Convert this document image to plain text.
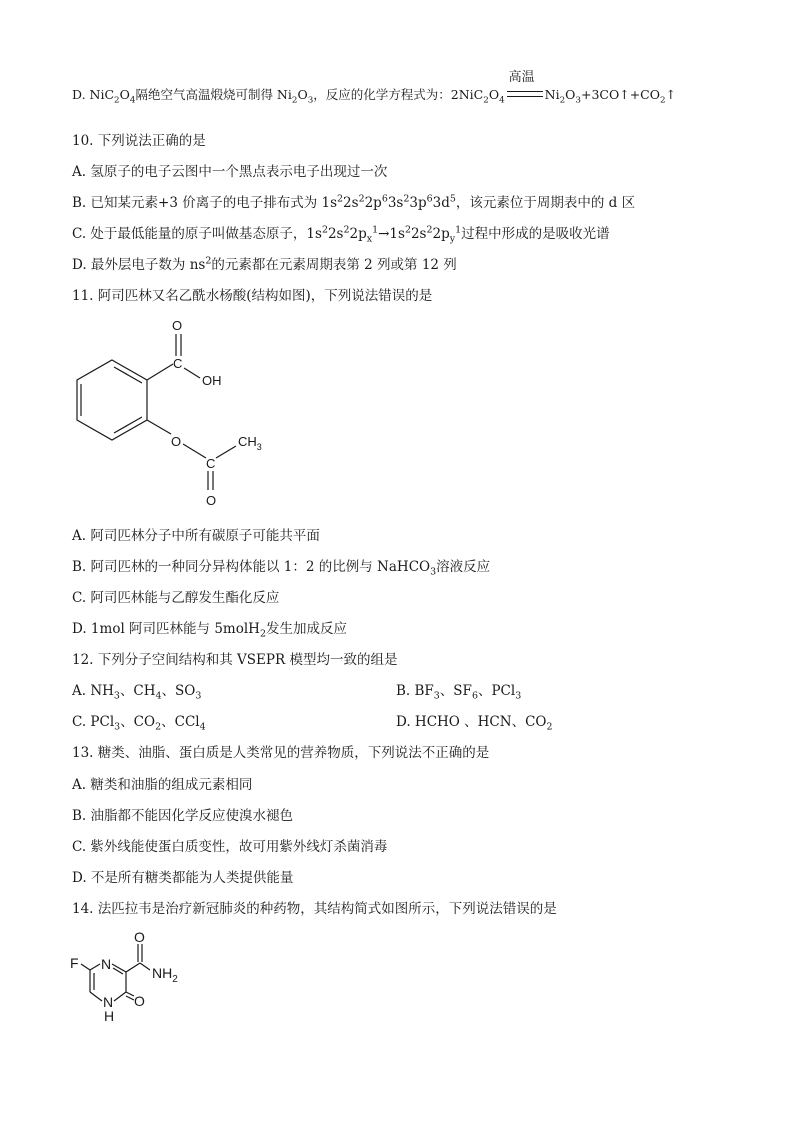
D. $NiC_2O_4$隔绝空气高温煅烧可制得 $Ni_2O_3$，反应的化学方程式为：$2NiC_2O_4$
高温
$Ni_2O_3+3CO↑+CO_2↑$
10. 下列说法正确的是
A. 氢原子的电子云图中一个黑点表示电子出现过一次
B. 已知某元素+3 价离子的电子排布式为 $1s^22s^22p^63s^23p^63d^5$，该元素位于周期表中的 d 区
C. 处于最低能量的原子叫做基态原子，$1s^22s^22p_x^1\to 1s^22s^22p_y^1$过程中形成的是吸收光谱
D. 最外层电子数为 $ns^2$的元素都在元素周期表第 2 列或第 12 列
11. 阿司匹林又名乙酰水杨酸(结构如图)，下列说法错误的是
O
C
OH
O
C
$CH_3$
O
A. 阿司匹林分子中所有碳原子可能共平面
B. 阿司匹林的一种同分异构体能以 1：2 的比例与 NaHCO$_3$溶液反应
C. 阿司匹林能与乙醇发生酯化反应
D. 1mol 阿司匹林能与 5molH$_2$发生加成反应
12. 下列分子空间结构和其 VSEPR 模型均一致的组是
A. $NH_3$、$CH_4$、$SO_3$	B. $BF_3$、$SF_6$、PCl$_3$
C. PCl$_3$、$CO_2$、CCl$_4$	D. HCHO 、HCN、$CO_2$
13. 糖类、油脂、蛋白质是人类常见的营养物质，下列说法不正确的是
A. 糖类和油脂的组成元素相同
B. 油脂都不能因化学反应使溴水褪色
C. 紫外线能使蛋白质变性，故可用紫外线灯杀菌消毒
D. 不是所有糖类都能为人类提供能量
14. 法匹拉韦是治疗新冠肺炎的种药物，其结构简式如图所示，下列说法错误的是
F N
O
$NH_2$
O
N
H
